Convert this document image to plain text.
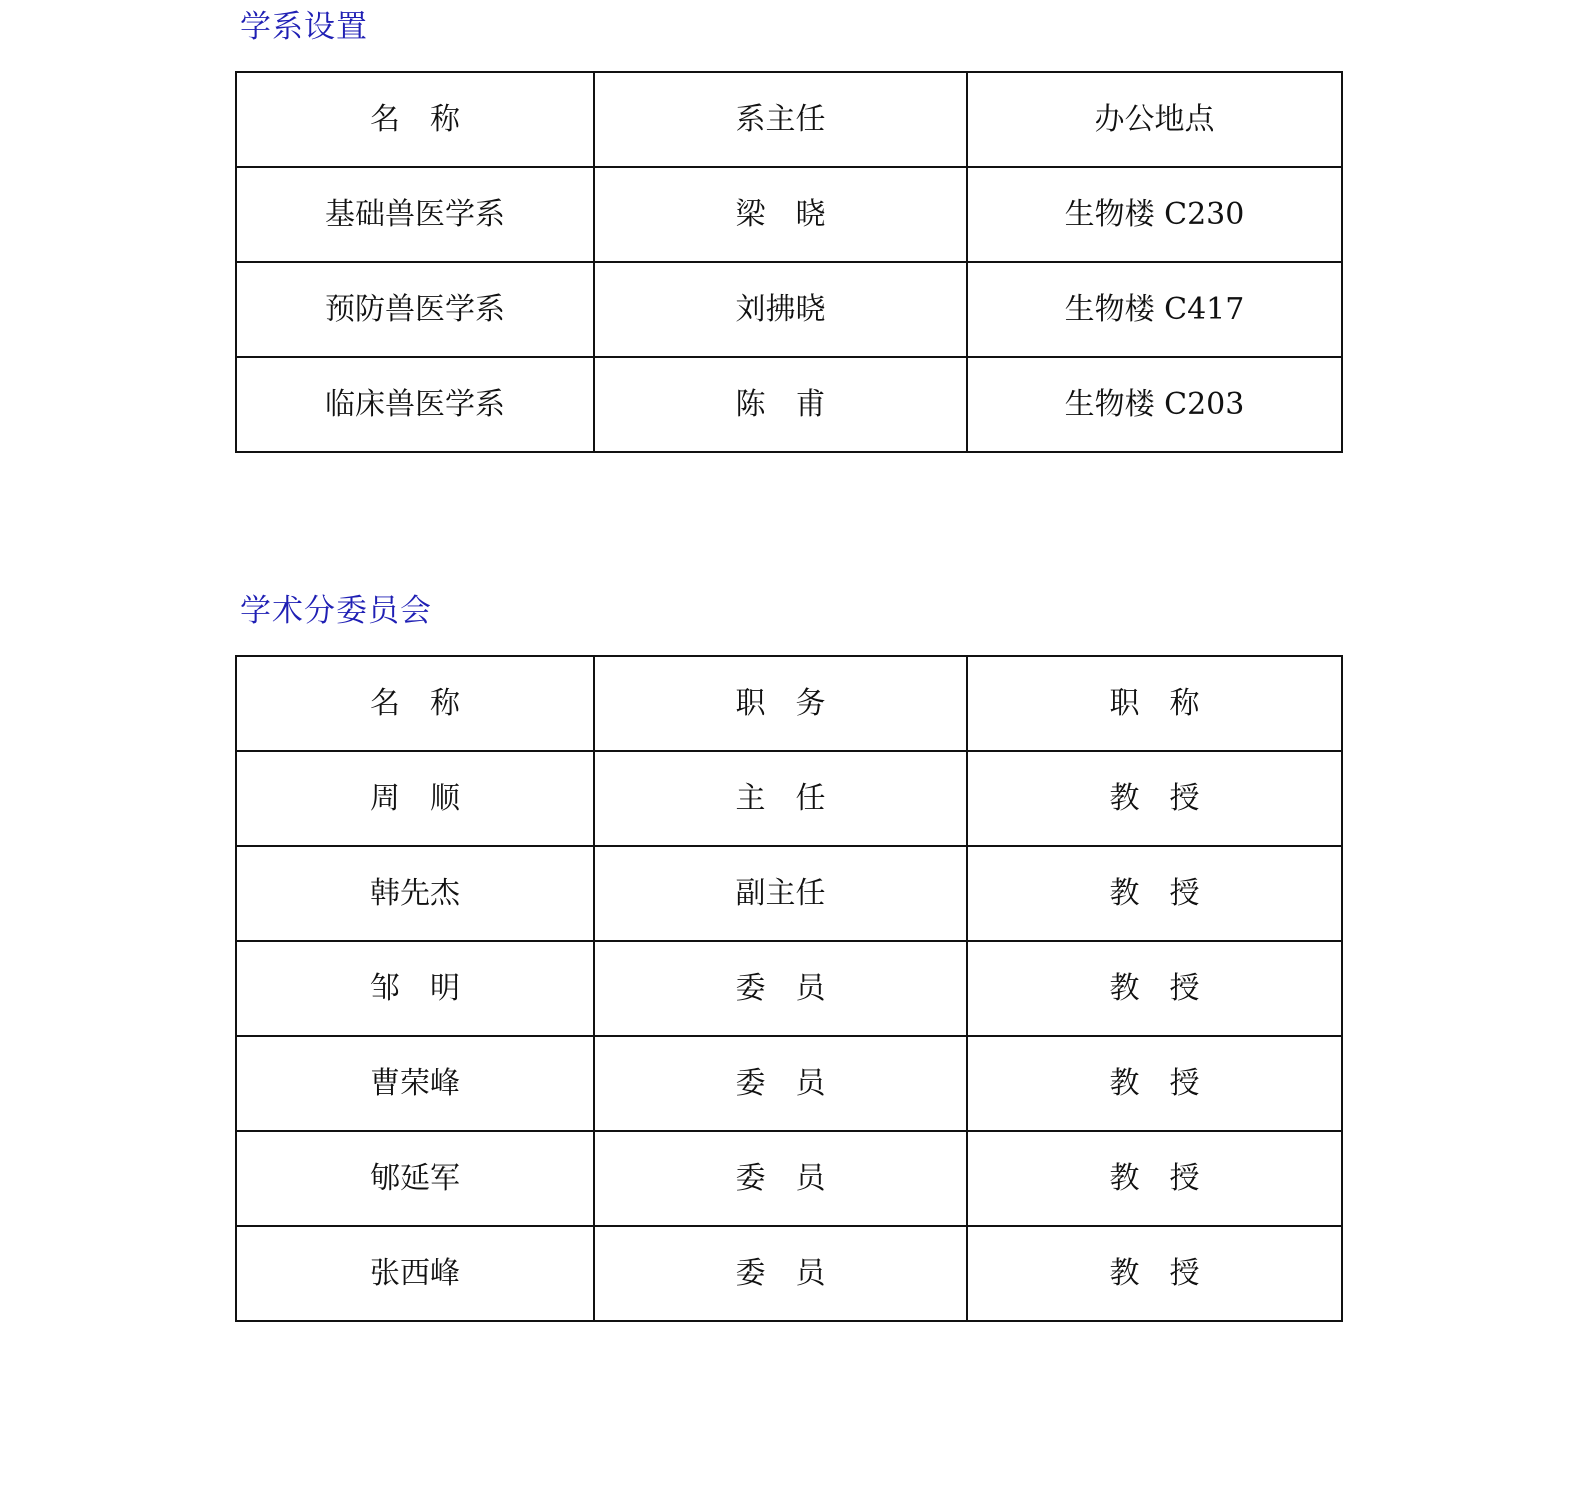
学系设置
名　称	系主任	办公地点
基础兽医学系	梁　晓	生物楼 C230
预防兽医学系	刘拂晓	生物楼 C417
临床兽医学系	陈　甫	生物楼 C203
学术分委员会
名　称	职　务	职　称
周　顺	主　任	教　授
韩先杰	副主任	教　授
邹　明	委　员	教　授
曹荣峰	委　员	教　授
郇延军	委　员	教　授
张西峰	委　员	教　授
